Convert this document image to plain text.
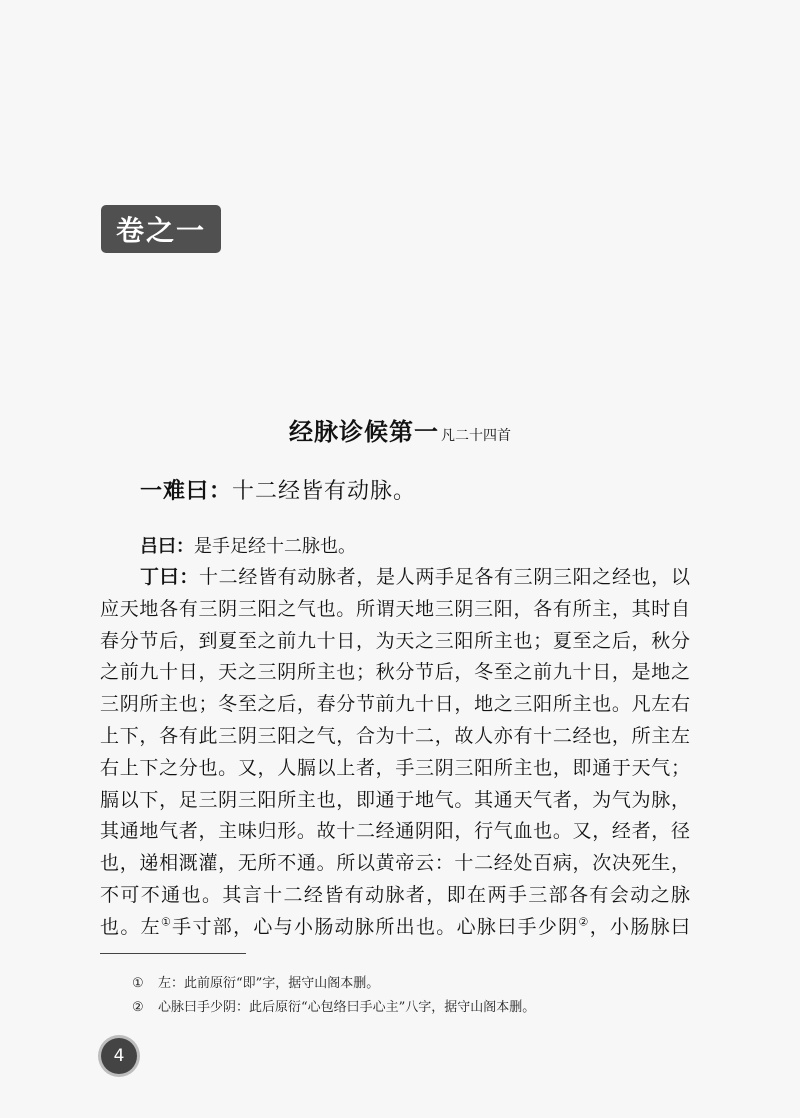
卷之一
经脉诊候第一 凡二十四首
一难曰：十二经皆有动脉。
吕曰：是手足经十二脉也。
丁曰：十二经皆有动脉者，是人两手足各有三阴三阳之经也，以
应天地各有三阴三阳之气也。所谓天地三阴三阳，各有所主，其时自
春分节后，到夏至之前九十日，为天之三阳所主也；夏至之后，秋分
之前九十日，天之三阴所主也；秋分节后，冬至之前九十日，是地之
三阴所主也；冬至之后，春分节前九十日，地之三阳所主也。凡左右
上下，各有此三阴三阳之气，合为十二，故人亦有十二经也，所主左
右上下之分也。又，人膈以上者，手三阴三阳所主也，即通于天气；
膈以下，足三阴三阳所主也，即通于地气。其通天气者，为气为脉，
其通地气者，主味归形。故十二经通阴阳，行气血也。又，经者，径
也，递相溉灌，无所不通。所以黄帝云：十二经处百病，次决死生，
不可不通也。其言十二经皆有动脉者，即在两手三部各有会动之脉
也。左①手寸部，心与小肠动脉所出也。心脉曰手少阴②，小肠脉曰
① 左：此前原衍“即”字，据守山阁本删。
② 心脉曰手少阴：此后原衍“心包络曰手心主”八字，据守山阁本删。
4
